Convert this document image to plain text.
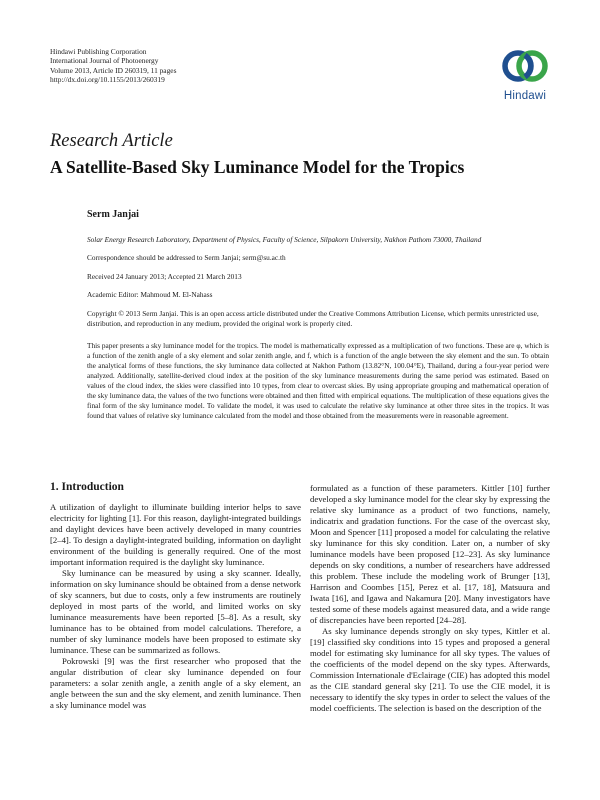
Hindawi Publishing Corporation
International Journal of Photoenergy
Volume 2013, Article ID 260319, 11 pages
http://dx.doi.org/10.1155/2013/260319
Hindawi
Research Article
A Satellite-Based Sky Luminance Model for the Tropics
Serm Janjai
Solar Energy Research Laboratory, Department of Physics, Faculty of Science, Silpakorn University, Nakhon Pathom 73000, Thailand
Correspondence should be addressed to Serm Janjai; serm@su.ac.th
Received 24 January 2013; Accepted 21 March 2013
Academic Editor: Mahmoud M. El-Nahass
Copyright © 2013 Serm Janjai. This is an open access article distributed under the Creative Commons Attribution License, which permits unrestricted use, distribution, and reproduction in any medium, provided the original work is properly cited.
This paper presents a sky luminance model for the tropics. The model is mathematically expressed as a multiplication of two functions. These are φ, which is a function of the zenith angle of a sky element and solar zenith angle, and f, which is a function of the angle between the sky element and the sun. To obtain the analytical forms of these functions, the sky luminance data collected at Nakhon Pathom (13.82°N, 100.04°E), Thailand, during a four-year period were analyzed. Additionally, satellite-derived cloud index at the position of the sky luminance measurements during the same period was estimated. Based on values of the cloud index, the skies were classified into 10 types, from clear to overcast skies. By using appropriate grouping and mathematical operation of the sky luminance data, the values of the two functions were obtained and then fitted with empirical equations. The multiplication of these equations gives the final form of the sky luminance model. To validate the model, it was used to calculate the relative sky luminance at other three sites in the tropics. It was found that values of relative sky luminance calculated from the model and those obtained from the measurements were in reasonable agreement.
1. Introduction

A utilization of daylight to illuminate building interior helps to save electricity for lighting [1]. For this reason, daylight-integrated buildings and daylight devices have been actively developed in many countries [2–4]. To design a daylight-integrated building, information on daylight environment of the building is generally required. One of the most important information required is the daylight sky luminance.

Sky luminance can be measured by using a sky scanner. Ideally, information on sky luminance should be obtained from a dense network of sky scanners, but due to costs, only a few instruments are routinely deployed in most parts of the world, and limited works on sky luminance measurements have been reported [5–8]. As a result, sky luminance has to be obtained from model calculations. Therefore, a number of sky luminance models have been proposed to estimate sky luminance. These can be summarized as follows.

Pokrowski [9] was the first researcher who proposed that the angular distribution of clear sky luminance depended on four parameters: a solar zenith angle, a zenith angle of a sky element, an angle between the sun and the sky element, and zenith luminance. Then a sky luminance model was

formulated as a function of these parameters. Kittler [10] further developed a sky luminance model for the clear sky by expressing the relative sky luminance as a product of two functions, namely, indicatrix and gradation functions. For the case of the overcast sky, Moon and Spencer [11] proposed a model for calculating the relative sky luminance for this sky condition. Later on, a number of sky luminance models have been proposed [12–23]. As sky luminance depends on sky conditions, a number of researchers have addressed this problem. These include the modeling work of Brunger [13], Harrison and Coombes [15], Perez et al. [17, 18], Matsuura and Iwata [16], and Igawa and Nakamura [20]. Many investigators have tested some of these models against measured data, and a wide range of discrepancies have been reported [24–28].

As sky luminance depends strongly on sky types, Kittler et al. [19] classified sky conditions into 15 types and proposed a general model for estimating sky luminance for all sky types. The values of the coefficients of the model depend on the sky types. Afterwards, Commission Internationale d'Eclairage (CIE) has adopted this model as the CIE standard general sky [21]. To use the CIE model, it is necessary to identify the sky types in order to select the values of the model coefficients. The selection is based on the description of the
